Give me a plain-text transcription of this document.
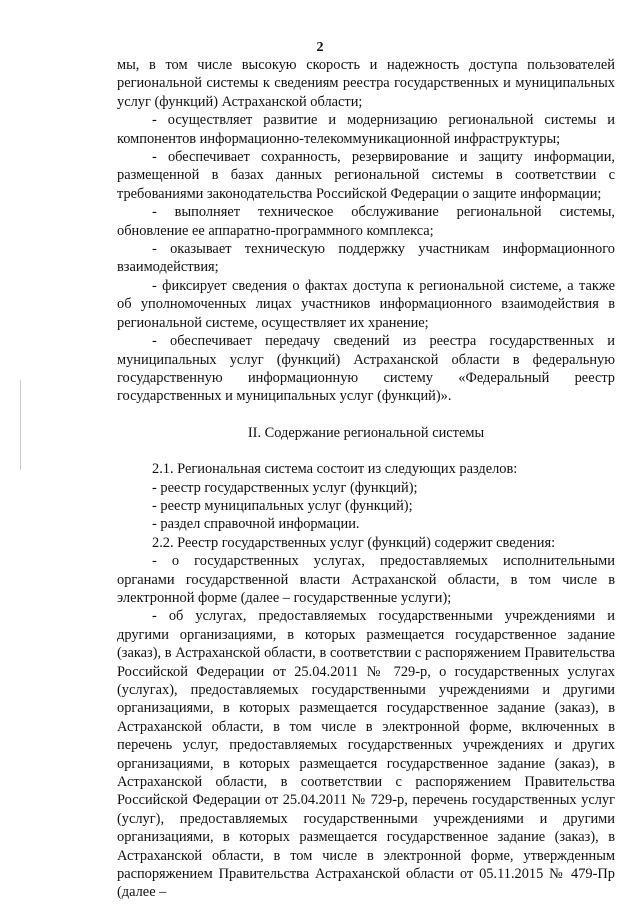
2

мы, в том числе высокую скорость и надежность доступа пользователей региональной системы к сведениям реестра государственных и муниципальных услуг (функций) Астраханской области;

- осуществляет развитие и модернизацию региональной системы и компонентов информационно-телекоммуникационной инфраструктуры;

- обеспечивает сохранность, резервирование и защиту информации, размещенной в базах данных региональной системы в соответствии с требованиями законодательства Российской Федерации о защите информации;

- выполняет техническое обслуживание региональной системы, обновление ее аппаратно-программного комплекса;

- оказывает техническую поддержку участникам информационного взаимодействия;

- фиксирует сведения о фактах доступа к региональной системе, а также об уполномоченных лицах участников информационного взаимодействия в региональной системе, осуществляет их хранение;

- обеспечивает передачу сведений из реестра государственных и муниципальных услуг (функций) Астраханской области в федеральную государственную информационную систему «Федеральный реестр государственных и муниципальных услуг (функций)».

II. Содержание региональной системы

2.1. Региональная система состоит из следующих разделов:

- реестр государственных услуг (функций);

- реестр муниципальных услуг (функций);

- раздел справочной информации.

2.2. Реестр государственных услуг (функций) содержит сведения:

- о государственных услугах, предоставляемых исполнительными органами государственной власти Астраханской области, в том числе в электронной форме (далее – государственные услуги);

- об услугах, предоставляемых государственными учреждениями и другими организациями, в которых размещается государственное задание (заказ), в Астраханской области, в соответствии с распоряжением Правительства Российской Федерации от 25.04.2011 № 729-р, о государственных услугах (услугах), предоставляемых государственными учреждениями и другими организациями, в которых размещается государственное задание (заказ), в Астраханской области, в том числе в электронной форме, включенных в перечень услуг, предоставляемых государственных учреждениях и других организациями, в которых размещается государственное задание (заказ), в Астраханской области, в соответствии с распоряжением Правительства Российской Федерации от 25.04.2011 № 729-р, перечень государственных услуг (услуг), предоставляемых государственными учреждениями и другими организациями, в которых размещается государственное задание (заказ), в Астраханской области, в том числе в электронной форме, утвержденным распоряжением Правительства Астраханской области от 05.11.2015 № 479-Пр (далее –
